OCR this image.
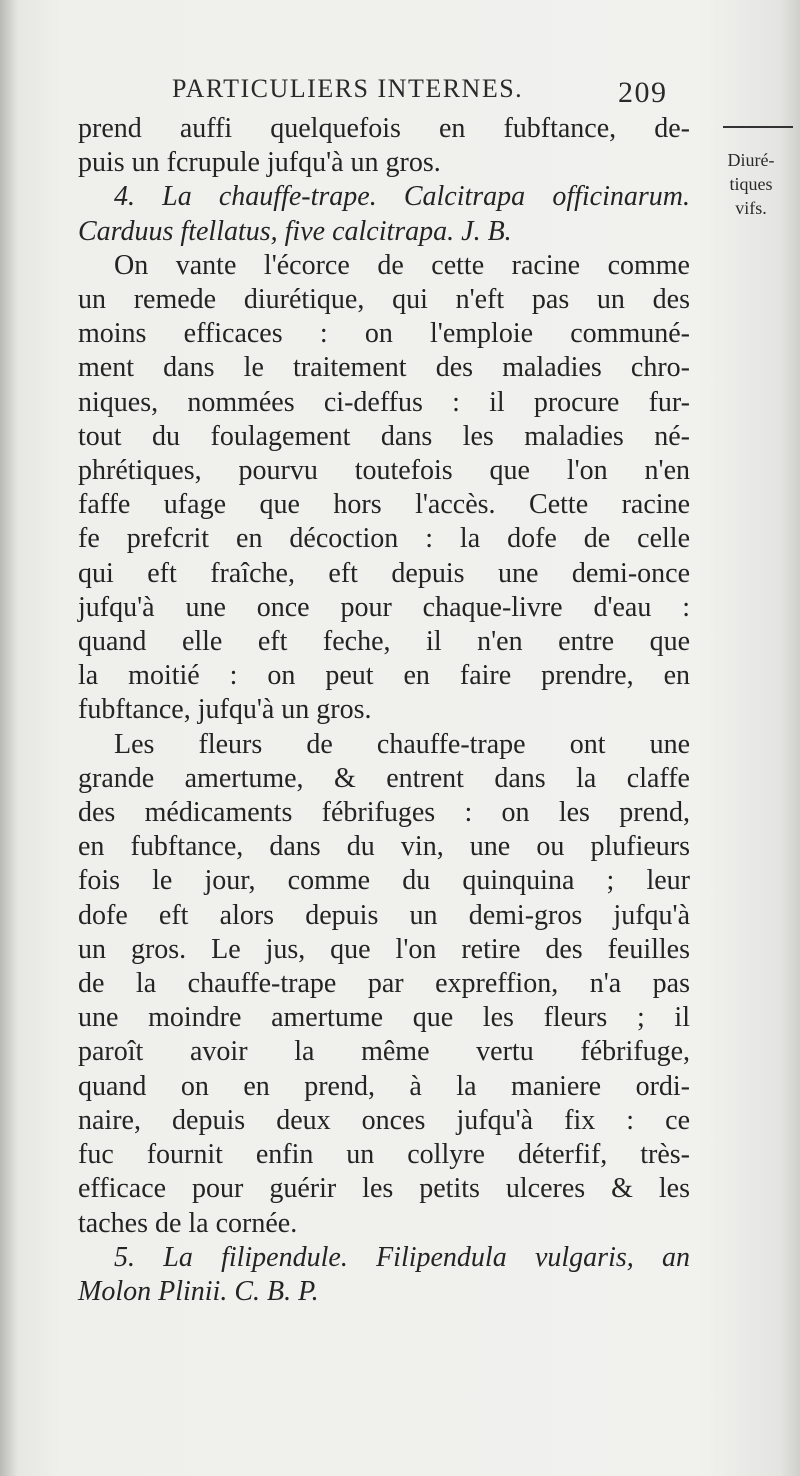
PARTICULIERS INTERNES.	209
Diuré-
tiques
vifs.
prend auffi quelquefois en fubftance, de-
puis un fcrupule jufqu'à un gros.
4. La chauffe-trape. Calcitrapa officinarum.
Carduus ftellatus, five calcitrapa. J. B.
On vante l'écorce de cette racine comme
un remede diurétique, qui n'eft pas un des
moins efficaces : on l'emploie communé-
ment dans le traitement des maladies chro-
niques, nommées ci-deffus : il procure fur-
tout du foulagement dans les maladies né-
phrétiques, pourvu toutefois que l'on n'en
faffe ufage que hors l'accès. Cette racine
fe prefcrit en décoction : la dofe de celle
qui eft fraîche, eft depuis une demi-once
jufqu'à une once pour chaque-livre d'eau :
quand elle eft feche, il n'en entre que
la moitié : on peut en faire prendre, en
fubftance, jufqu'à un gros.
Les fleurs de chauffe-trape ont une
grande amertume, & entrent dans la claffe
des médicaments fébrifuges : on les prend,
en fubftance, dans du vin, une ou plufieurs
fois le jour, comme du quinquina ; leur
dofe eft alors depuis un demi-gros jufqu'à
un gros. Le jus, que l'on retire des feuilles
de la chauffe-trape par expreffion, n'a pas
une moindre amertume que les fleurs ; il
paroît avoir la même vertu fébrifuge,
quand on en prend, à la maniere ordi-
naire, depuis deux onces jufqu'à fix : ce
fuc fournit enfin un collyre déterfif, très-
efficace pour guérir les petits ulceres & les
taches de la cornée.
5. La filipendule. Filipendula vulgaris, an
Molon Plinii. C. B. P.
